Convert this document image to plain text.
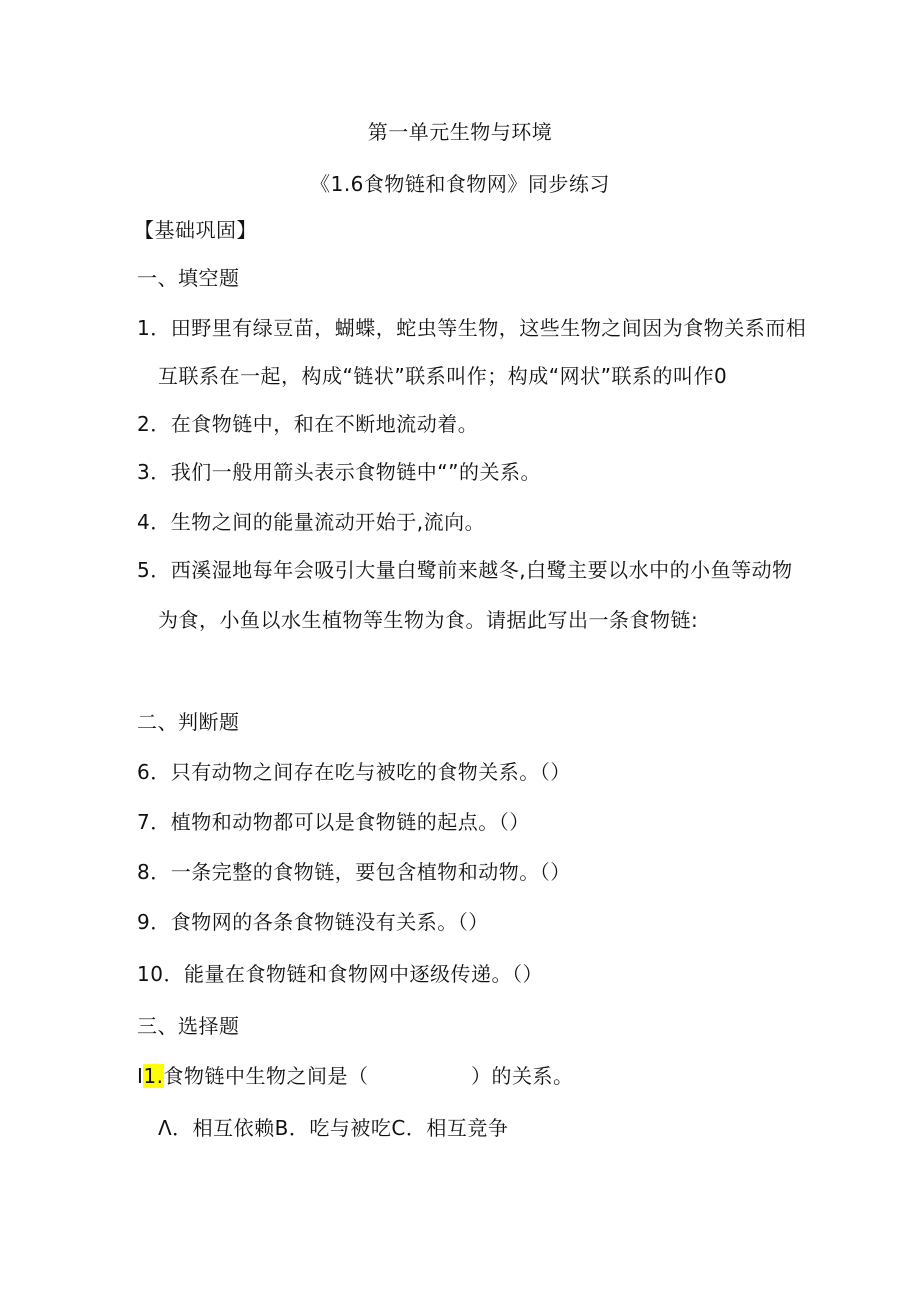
第一单元生物与环境
《1.6食物链和食物网》同步练习
【基础巩固】
一、填空题
1．田野里有绿豆苗，蝴蝶，蛇虫等生物，这些生物之间因为食物关系而相
互联系在一起，构成“链状”联系叫作；构成“网状”联系的叫作0
2．在食物链中，和在不断地流动着。
3．我们一般用箭头表示食物链中“”的关系。
4．生物之间的能量流动开始于,流向。
5．西溪湿地每年会吸引大量白鹭前来越冬,白鹭主要以水中的小鱼等动物
为食，小鱼以水生植物等生物为食。请据此写出一条食物链:
二、判断题
6．只有动物之间存在吃与被吃的食物关系。（）
7．植物和动物都可以是食物链的起点。（）
8．一条完整的食物链，要包含植物和动物。（）
9．食物网的各条食物链没有关系。（）
10．能量在食物链和食物网中逐级传递。（）
三、选择题
I1.食物链中生物之间是（　　　　　）的关系。
Λ．相互依赖B．吃与被吃C．相互竞争
